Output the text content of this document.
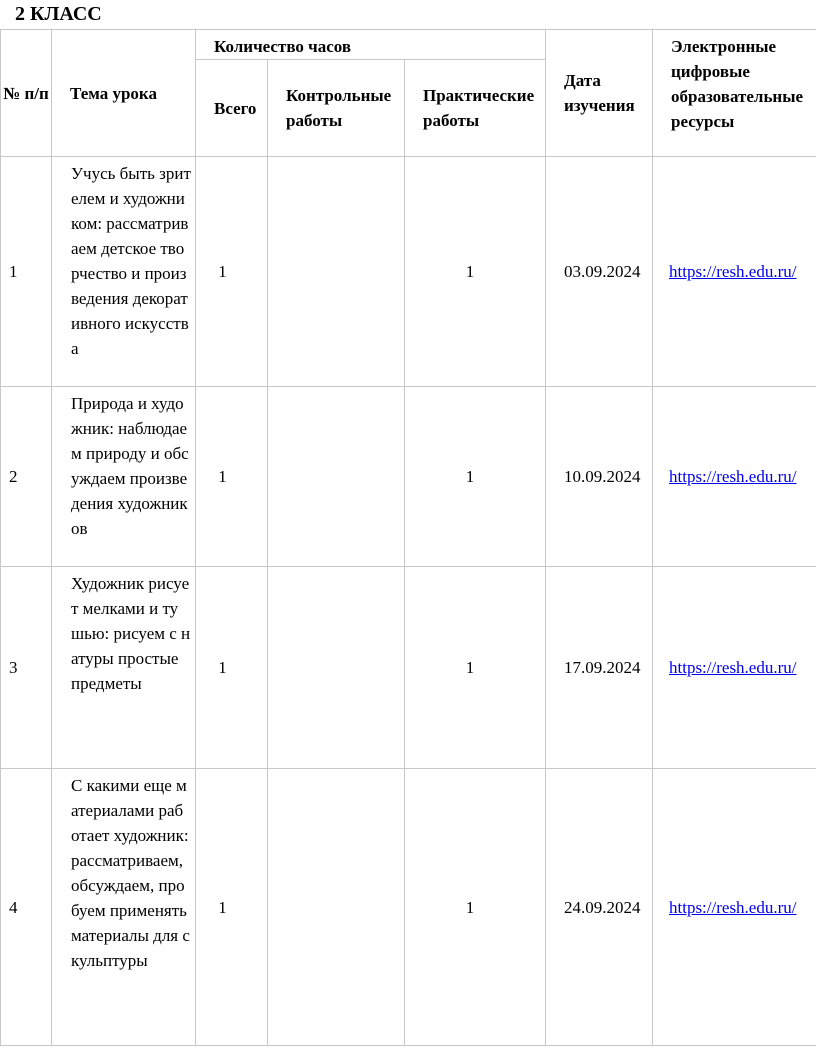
2 КЛАСС
№ п/п	Тема урока	Количество часов			Дата изучения	Электронные цифровые образовательные ресурсы
		Всего	Контрольные работы	Практические работы		
1	Учусь быть зрителем и художником: рассматриваем детское творчество и произведения декоративного искусства	1		1	03.09.2024	https://resh.edu.ru/
2	Природа и художник: наблюдаем природу и обсуждаем произведения художников	1		1	10.09.2024	https://resh.edu.ru/
3	Художник рисует мелками и тушью: рисуем с натуры простые предметы	1		1	17.09.2024	https://resh.edu.ru/
4	С какими еще материалами работает художник: рассматриваем, обсуждаем, пробуем применять материалы для скульптуры	1		1	24.09.2024	https://resh.edu.ru/
